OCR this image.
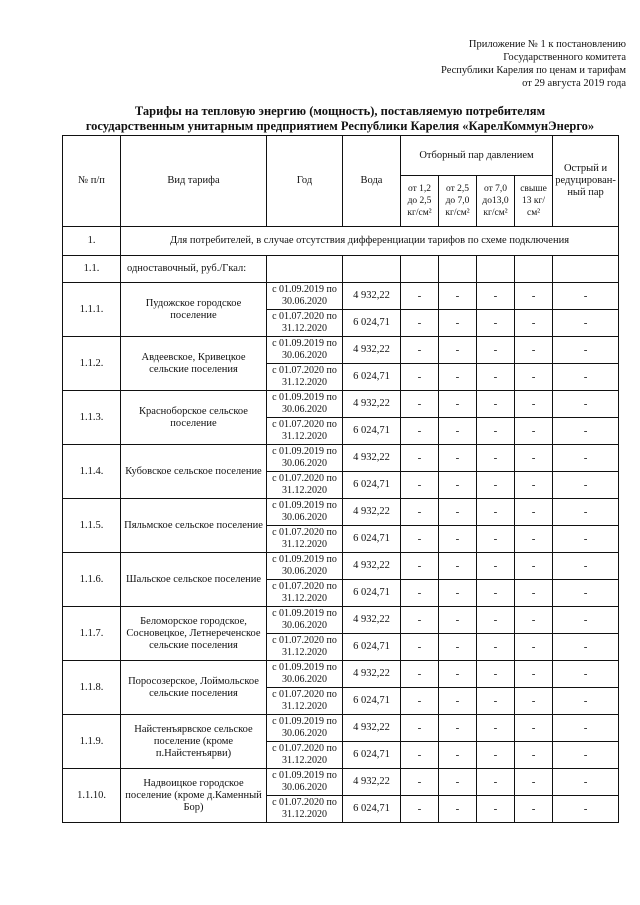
Приложение № 1 к постановлению
Государственного комитета
Республики Карелия по ценам и тарифам
от 29 августа 2019 года
Тарифы на тепловую энергию (мощность), поставляемую потребителям
государственным унитарным предприятием Республики Карелия «КарелКоммунЭнерго»
№ п/п	Вид тарифа	Год	Вода	Отборный пар давлением				Острый и редуцирован-ный пар
				от 1,2 до 2,5 кг/см²	от 2,5 до 7,0 кг/см²	от 7,0 до13,0 кг/см²	свыше 13 кг/см²	
1.	Для потребителей, в случае отсутствия дифференциации тарифов по схеме подключения							
1.1.	одноставочный, руб./Гкал:							
1.1.1.	Пудожское городское поселение	с 01.09.2019 по 30.06.2020	4 932,22	-	-	-	-	-
		с 01.07.2020 по 31.12.2020	6 024,71	-	-	-	-	-
1.1.2.	Авдеевское, Кривецкое сельские поселения	с 01.09.2019 по 30.06.2020	4 932,22	-	-	-	-	-
		с 01.07.2020 по 31.12.2020	6 024,71	-	-	-	-	-
1.1.3.	Красноборское сельское поселение	с 01.09.2019 по 30.06.2020	4 932,22	-	-	-	-	-
		с 01.07.2020 по 31.12.2020	6 024,71	-	-	-	-	-
1.1.4.	Кубовское сельское поселение	с 01.09.2019 по 30.06.2020	4 932,22	-	-	-	-	-
		с 01.07.2020 по 31.12.2020	6 024,71	-	-	-	-	-
1.1.5.	Пяльмское сельское поселение	с 01.09.2019 по 30.06.2020	4 932,22	-	-	-	-	-
		с 01.07.2020 по 31.12.2020	6 024,71	-	-	-	-	-
1.1.6.	Шальское сельское поселение	с 01.09.2019 по 30.06.2020	4 932,22	-	-	-	-	-
		с 01.07.2020 по 31.12.2020	6 024,71	-	-	-	-	-
1.1.7.	Беломорское городское, Сосновецкое, Летнереченское сельские поселения	с 01.09.2019 по 30.06.2020	4 932,22	-	-	-	-	-
		с 01.07.2020 по 31.12.2020	6 024,71	-	-	-	-	-
1.1.8.	Поросозерское, Лоймольское сельские поселения	с 01.09.2019 по 30.06.2020	4 932,22	-	-	-	-	-
		с 01.07.2020 по 31.12.2020	6 024,71	-	-	-	-	-
1.1.9.	Найстенъярвское сельское поселение (кроме п.Найстенъярви)	с 01.09.2019 по 30.06.2020	4 932,22	-	-	-	-	-
		с 01.07.2020 по 31.12.2020	6 024,71	-	-	-	-	-
1.1.10.	Надвоицкое городское поселение (кроме д.Каменный Бор)	с 01.09.2019 по 30.06.2020	4 932,22	-	-	-	-	-
		с 01.07.2020 по 31.12.2020	6 024,71	-	-	-	-	-
